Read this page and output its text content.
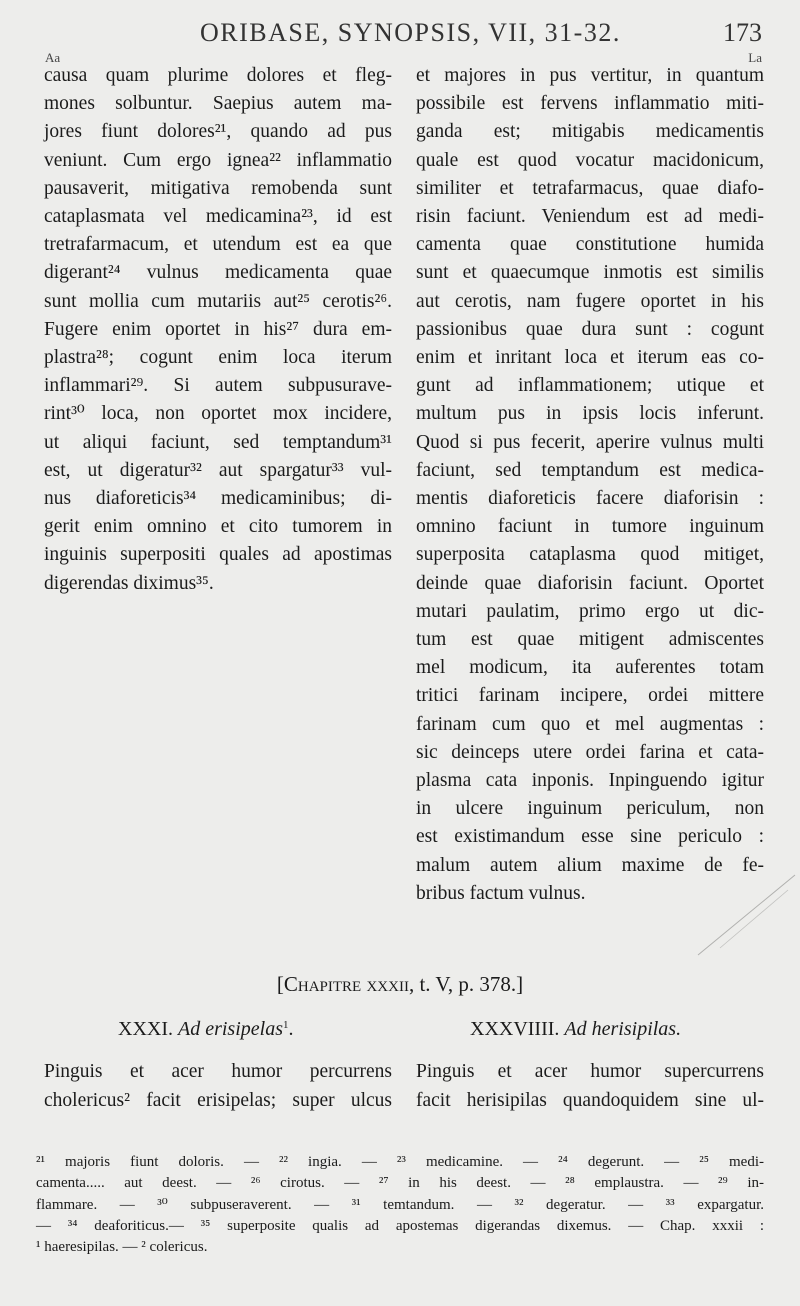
ORIBASE, SYNOPSIS, VII, 31-32.	173
Aa	La
causa quam plurime dolores et fleg-
mones solbuntur. Saepius autem ma-
jores fiunt dolores²¹, quando ad pus
veniunt. Cum ergo ignea²² inflammatio
pausaverit, mitigativa remobenda sunt
cataplasmata vel medicamina²³, id est
tretrafarmacum, et utendum est ea que
digerant²⁴ vulnus medicamenta quae
sunt mollia cum mutariis aut²⁵ cerotis²⁶.
Fugere enim oportet in his²⁷ dura em-
plastra²⁸; cogunt enim loca iterum
inflammari²⁹. Si autem subpusurave-
rint³⁰ loca, non oportet mox incidere,
ut aliqui faciunt, sed temptandum³¹
est, ut digeratur³² aut spargatur³³ vul-
nus diaforeticis³⁴ medicaminibus; di-
gerit enim omnino et cito tumorem in
inguinis superpositi quales ad apostimas
digerendas diximus³⁵.
et majores in pus vertitur, in quantum
possibile est fervens inflammatio miti-
ganda est; mitigabis medicamentis
quale est quod vocatur macidonicum,
similiter et tetrafarmacus, quae diafo-
risin faciunt. Veniendum est ad medi-
camenta quae constitutione humida
sunt et quaecumque inmotis est similis
aut cerotis, nam fugere oportet in his
passionibus quae dura sunt : cogunt
enim et inritant loca et iterum eas co-
gunt ad inflammationem; utique et
multum pus in ipsis locis inferunt.
Quod si pus fecerit, aperire vulnus multi
faciunt, sed temptandum est medica-
mentis diaforeticis facere diaforisin :
omnino faciunt in tumore inguinum
superposita cataplasma quod mitiget,
deinde quae diaforisin faciunt. Oportet
mutari paulatim, primo ergo ut dic-
tum est quae mitigent admiscentes
mel modicum, ita auferentes totam
tritici farinam incipere, ordei mittere
farinam cum quo et mel augmentas :
sic deinceps utere ordei farina et cata-
plasma cata inponis. Inpinguendo igitur
in ulcere inguinum periculum, non
est existimandum esse sine periculo :
malum autem alium maxime de fe-
bribus factum vulnus.
[Chapitre xxxii, t. V, p. 378.]
XXXI. Ad erisipelas$^1$.	XXXVIIII. Ad herisipilas.
Pinguis et acer humor percurrens
cholericus² facit erisipelas; super ulcus
Pinguis et acer humor supercurrens
facit herisipilas quandoquidem sine ul-
²¹ majoris fiunt doloris. — ²² ingia. — ²³ medicamine. — ²⁴ degerunt. — ²⁵ medi-
camenta..... aut deest. — ²⁶ cirotus. — ²⁷ in his deest. — ²⁸ emplaustra. — ²⁹ in-
flammare. — ³⁰ subpuseraverent. — ³¹ temtandum. — ³² degeratur. — ³³ expargatur.
— ³⁴ deaforiticus.— ³⁵ superposite qualis ad apostemas digerandas dixemus. — Chap. xxxii :
¹ haeresipilas. — ² colericus.
